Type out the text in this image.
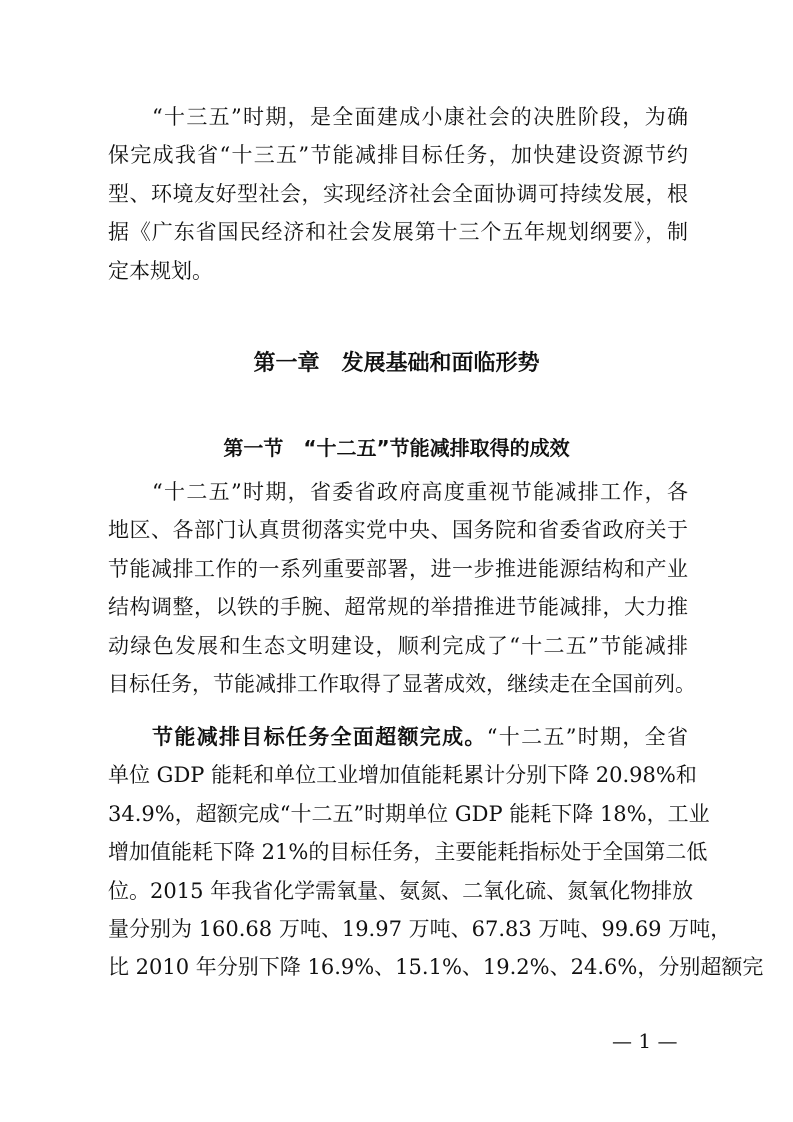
“十三五”时期，是全面建成小康社会的决胜阶段，为确
保完成我省“十三五”节能减排目标任务，加快建设资源节约
型、环境友好型社会，实现经济社会全面协调可持续发展，根
据《广东省国民经济和社会发展第十三个五年规划纲要》，制
定本规划。
第一章　发展基础和面临形势
第一节　“十二五”节能减排取得的成效
“十二五”时期，省委省政府高度重视节能减排工作，各
地区、各部门认真贯彻落实党中央、国务院和省委省政府关于
节能减排工作的一系列重要部署，进一步推进能源结构和产业
结构调整，以铁的手腕、超常规的举措推进节能减排，大力推
动绿色发展和生态文明建设，顺利完成了“十二五”节能减排
目标任务，节能减排工作取得了显著成效，继续走在全国前列。
节能减排目标任务全面超额完成。“十二五”时期，全省
单位 GDP 能耗和单位工业增加值能耗累计分别下降 20.98%和
34.9%，超额完成“十二五”时期单位 GDP 能耗下降 18%，工业
增加值能耗下降 21%的目标任务，主要能耗指标处于全国第二低
位。2015 年我省化学需氧量、氨氮、二氧化硫、氮氧化物排放
量分别为 160.68 万吨、19.97 万吨、67.83 万吨、99.69 万吨，
比 2010 年分别下降 16.9%、15.1%、19.2%、24.6%，分别超额完
— 1 —
